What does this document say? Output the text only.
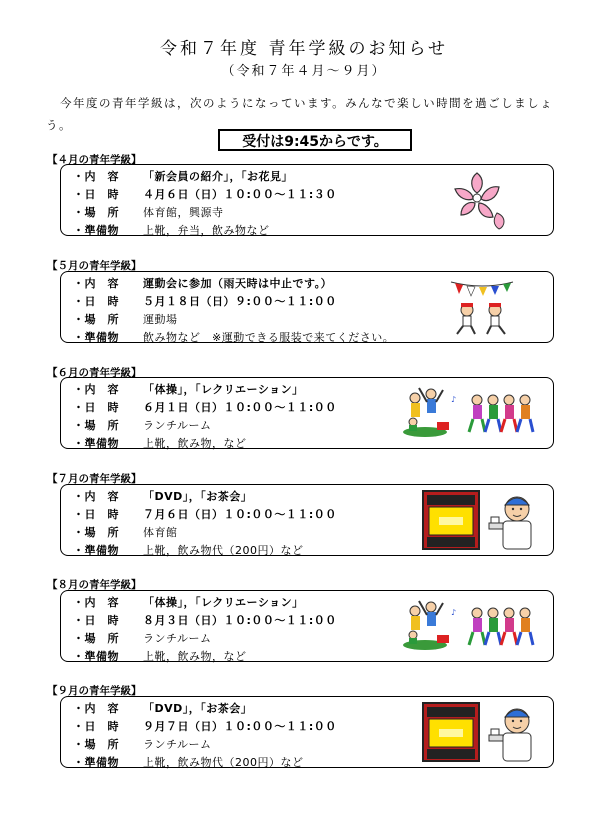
令和７年度 青年学級のお知らせ
（令和７年４月～９月）
今年度の青年学級は，次のようになっています。みんなで楽しい時間を過ごしましょう。
受付は9:45からです。
【４月の青年学級】
・内　容	「新会員の紹介」，「お花見」
・日　時	４月６日（日）１０:００～１１:３０
・場　所	体育館，興源寺
・準備物	上靴，弁当，飲み物など
【５月の青年学級】
・内　容	運動会に参加（雨天時は中止です。）
・日　時	５月１８日（日）９:００～１１:００
・場　所	運動場
・準備物	飲み物など　※運動できる服装で来てください。
【６月の青年学級】
・内　容	「体操」，「レクリエーション」
・日　時	６月１日（日）１０:００～１１:００
・場　所	ランチルーム
・準備物	上靴，飲み物，など
♪
【７月の青年学級】
・内　容	「DVD」，「お茶会」
・日　時	７月６日（日）１０:００～１１:００
・場　所	体育館
・準備物	上靴，飲み物代（200円）など
【８月の青年学級】
・内　容	「体操」，「レクリエーション」
・日　時	８月３日（日）１０:００～１１:００
・場　所	ランチルーム
・準備物	上靴，飲み物，など
♪
【９月の青年学級】
・内　容	「DVD」，「お茶会」
・日　時	９月７日（日）１０:００～１１:００
・場　所	ランチルーム
・準備物	上靴，飲み物代（200円）など
